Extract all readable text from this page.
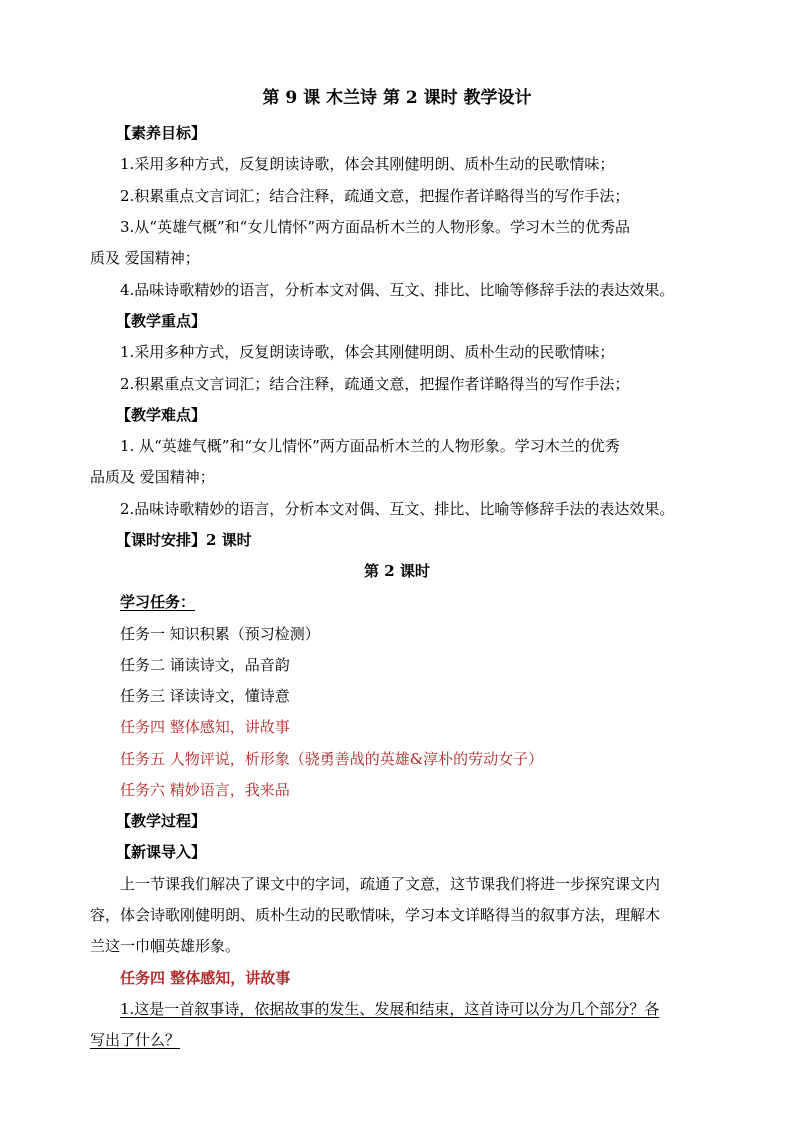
第 9 课 木兰诗 第 2 课时 教学设计
【素养目标】
1.采用多种方式，反复朗读诗歌，体会其刚健明朗、质朴生动的民歌情味；
2.积累重点文言词汇；结合注释，疏通文意，把握作者详略得当的写作手法；
3.从“英雄气概”和“女儿情怀”两方面品析木兰的人物形象。学习木兰的优秀品
质及 爱国精神；
4.品味诗歌精妙的语言，分析本文对偶、互文、排比、比喻等修辞手法的表达效果。
【教学重点】
1.采用多种方式，反复朗读诗歌，体会其刚健明朗、质朴生动的民歌情味；
2.积累重点文言词汇；结合注释，疏通文意，把握作者详略得当的写作手法；
【教学难点】
1. 从“英雄气概”和“女儿情怀”两方面品析木兰的人物形象。学习木兰的优秀
品质及 爱国精神；
2.品味诗歌精妙的语言，分析本文对偶、互文、排比、比喻等修辞手法的表达效果。
【课时安排】2 课时
第 2 课时
学习任务：
任务一 知识积累（预习检测）
任务二 诵读诗文，品音韵
任务三 译读诗文，懂诗意
任务四 整体感知，讲故事
任务五 人物评说，析形象（骁勇善战的英雄&淳朴的劳动女子）
任务六 精妙语言，我来品
【教学过程】
【新课导入】
上一节课我们解决了课文中的字词，疏通了文意，这节课我们将进一步探究课文内
容，体会诗歌刚健明朗、质朴生动的民歌情味，学习本文详略得当的叙事方法，理解木
兰这一巾帼英雄形象。
任务四 整体感知，讲故事
1.这是一首叙事诗，依据故事的发生、发展和结束，这首诗可以分为几个部分？各
写出了什么？
